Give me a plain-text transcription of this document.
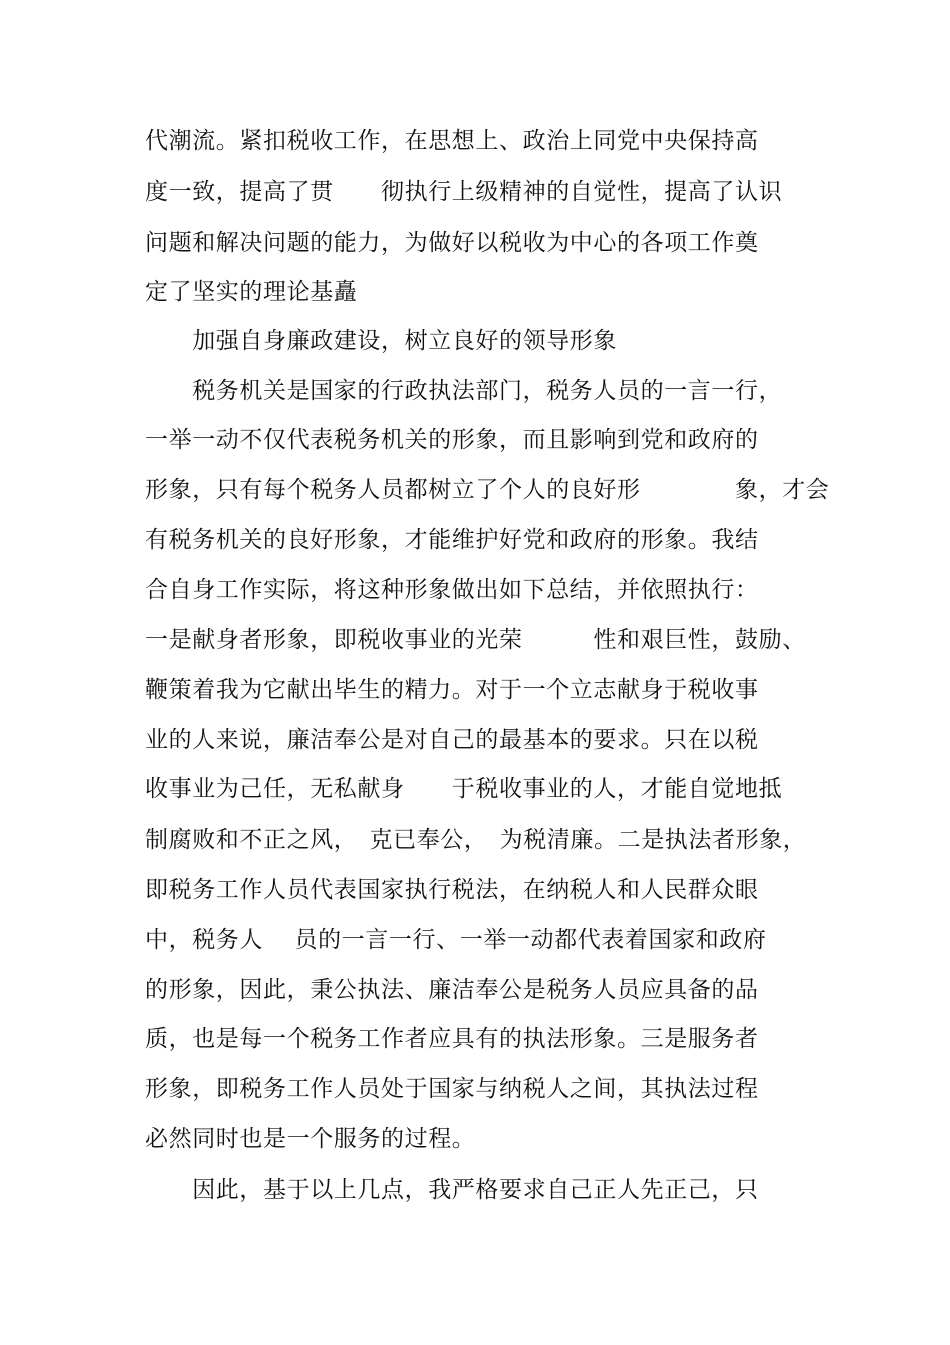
代潮流。紧扣税收工作，在思想上、政治上同党中央保持高
度一致，提高了贯　　彻执行上级精神的自觉性，提高了认识
问题和解决问题的能力，为做好以税收为中心的各项工作奠
定了坚实的理论基矗
　　加强自身廉政建设，树立良好的领导形象
　　税务机关是国家的行政执法部门，税务人员的一言一行，
一举一动不仅代表税务机关的形象，而且影响到党和政府的
形象，只有每个税务人员都树立了个人的良好形　　　　象，才会
有税务机关的良好形象，才能维护好党和政府的形象。我结
合自身工作实际，将这种形象做出如下总结，并依照执行：
一是献身者形象，即税收事业的光荣　　　性和艰巨性，鼓励、
鞭策着我为它献出毕生的精力。对于一个立志献身于税收事
业的人来说，廉洁奉公是对自己的最基本的要求。只在以税
收事业为己任，无私献身　　于税收事业的人，才能自觉地抵
制腐败和不正之风，　克已奉公，　为税清廉。二是执法者形象，
即税务工作人员代表国家执行税法，在纳税人和人民群众眼
中，税务人　 员的一言一行、一举一动都代表着国家和政府
的形象，因此，秉公执法、廉洁奉公是税务人员应具备的品
质，也是每一个税务工作者应具有的执法形象。三是服务者
形象，即税务工作人员处于国家与纳税人之间，其执法过程
必然同时也是一个服务的过程。
　　因此，基于以上几点，我严格要求自己正人先正己，只
